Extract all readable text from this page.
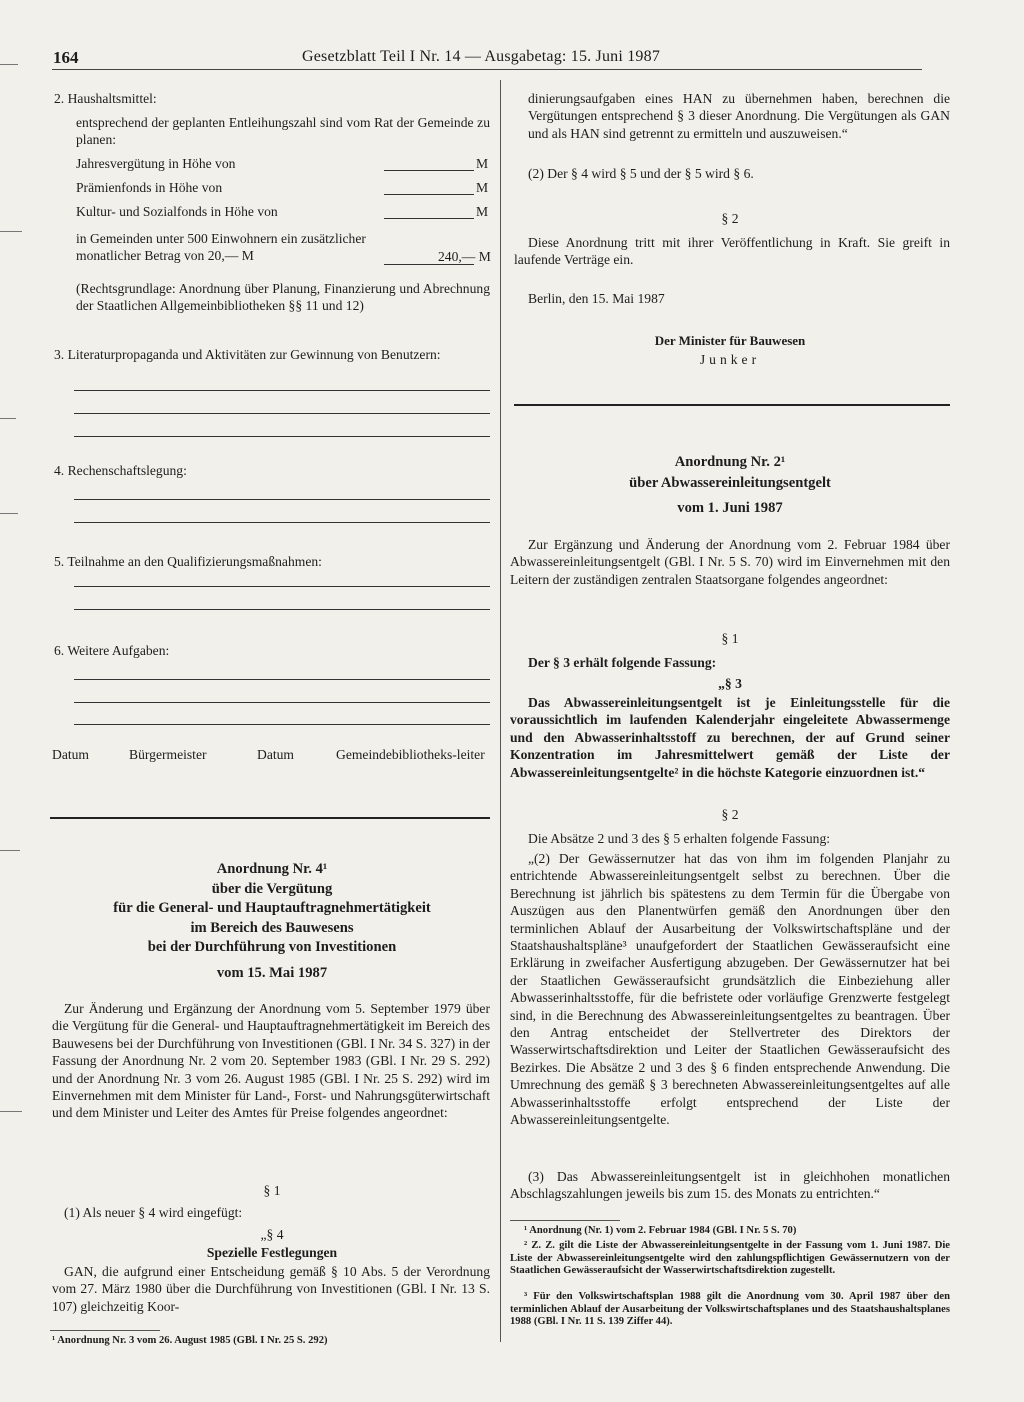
164	Gesetzblatt Teil I Nr. 14 — Ausgabetag: 15. Juni 1987
2. Haushaltsmittel:
entsprechend der geplanten Entleihungszahl sind vom Rat der Gemeinde zu planen:
Jahresvergütung in Höhe von	M
Prämienfonds in Höhe von	M
Kultur- und Sozialfonds in Höhe von	M
in Gemeinden unter 500 Einwohnern ein zusätzlicher monatlicher Betrag von 20,— M	240,— M
(Rechtsgrundlage: Anordnung über Planung, Finanzierung und Abrechnung der Staatlichen Allgemeinbibliotheken §§ 11 und 12)
3. Literaturpropaganda und Aktivitäten zur Gewinnung von Benutzern:
4. Rechenschaftslegung:
5. Teilnahme an den Qualifizierungsmaßnahmen:
6. Weitere Aufgaben:
Datum	Bürgermeister	Datum	Gemeindebibliotheks-leiter
Anordnung Nr. 4¹
über die Vergütung
für die General- und Hauptauftragnehmertätigkeit
im Bereich des Bauwesens
bei der Durchführung von Investitionen
vom 15. Mai 1987
Zur Änderung und Ergänzung der Anordnung vom 5. September 1979 über die Vergütung für die General- und Hauptauftragnehmertätigkeit im Bereich des Bauwesens bei der Durchführung von Investitionen (GBl. I Nr. 34 S. 327) in der Fassung der Anordnung Nr. 2 vom 20. September 1983 (GBl. I Nr. 29 S. 292) und der Anordnung Nr. 3 vom 26. August 1985 (GBl. I Nr. 25 S. 292) wird im Einvernehmen mit dem Minister für Land-, Forst- und Nahrungsgüterwirtschaft und dem Minister und Leiter des Amtes für Preise folgendes angeordnet:
§ 1
(1) Als neuer § 4 wird eingefügt:
„§ 4
Spezielle Festlegungen
GAN, die aufgrund einer Entscheidung gemäß § 10 Abs. 5 der Verordnung vom 27. März 1980 über die Durchführung von Investitionen (GBl. I Nr. 13 S. 107) gleichzeitig Koor-
¹ Anordnung Nr. 3 vom 26. August 1985 (GBl. I Nr. 25 S. 292)
dinierungsaufgaben eines HAN zu übernehmen haben, berechnen die Vergütungen entsprechend § 3 dieser Anordnung. Die Vergütungen als GAN und als HAN sind getrennt zu ermitteln und auszuweisen.“
(2) Der § 4 wird § 5 und der § 5 wird § 6.
§ 2
Diese Anordnung tritt mit ihrer Veröffentlichung in Kraft. Sie greift in laufende Verträge ein.
Berlin, den 15. Mai 1987
Der Minister für Bauwesen
Junker
Anordnung Nr. 2¹
über Abwassereinleitungsentgelt
vom 1. Juni 1987
Zur Ergänzung und Änderung der Anordnung vom 2. Februar 1984 über Abwassereinleitungsentgelt (GBl. I Nr. 5 S. 70) wird im Einvernehmen mit den Leitern der zuständigen zentralen Staatsorgane folgendes angeordnet:
§ 1
Der § 3 erhält folgende Fassung:
„§ 3
Das Abwassereinleitungsentgelt ist je Einleitungsstelle für die voraussichtlich im laufenden Kalenderjahr eingeleitete Abwassermenge und den Abwasserinhaltsstoff zu berechnen, der auf Grund seiner Konzentration im Jahresmittelwert gemäß der Liste der Abwassereinleitungsentgelte² in die höchste Kategorie einzuordnen ist.“
§ 2
Die Absätze 2 und 3 des § 5 erhalten folgende Fassung:
„(2) Der Gewässernutzer hat das von ihm im folgenden Planjahr zu entrichtende Abwassereinleitungsentgelt selbst zu berechnen. Über die Berechnung ist jährlich bis spätestens zu dem Termin für die Übergabe von Auszügen aus den Planentwürfen gemäß den Anordnungen über den terminlichen Ablauf der Ausarbeitung der Volkswirtschaftspläne und der Staatshaushaltspläne³ unaufgefordert der Staatlichen Gewässeraufsicht eine Erklärung in zweifacher Ausfertigung abzugeben. Der Gewässernutzer hat bei der Staatlichen Gewässeraufsicht grundsätzlich die Einbeziehung aller Abwasserinhaltsstoffe, für die befristete oder vorläufige Grenzwerte festgelegt sind, in die Berechnung des Abwassereinleitungsentgeltes zu beantragen. Über den Antrag entscheidet der Stellvertreter des Direktors der Wasserwirtschaftsdirektion und Leiter der Staatlichen Gewässeraufsicht des Bezirkes. Die Absätze 2 und 3 des § 6 finden entsprechende Anwendung. Die Umrechnung des gemäß § 3 berechneten Abwassereinleitungsentgeltes auf alle Abwasserinhaltsstoffe erfolgt entsprechend der Liste der Abwassereinleitungsentgelte.
(3) Das Abwassereinleitungsentgelt ist in gleichhohen monatlichen Abschlagszahlungen jeweils bis zum 15. des Monats zu entrichten.“
¹ Anordnung (Nr. 1) vom 2. Februar 1984 (GBl. I Nr. 5 S. 70)
² Z. Z. gilt die Liste der Abwassereinleitungsentgelte in der Fassung vom 1. Juni 1987. Die Liste der Abwassereinleitungsentgelte wird den zahlungspflichtigen Gewässernutzern von der Staatlichen Gewässeraufsicht der Wasserwirtschaftsdirektion zugestellt.
³ Für den Volkswirtschaftsplan 1988 gilt die Anordnung vom 30. April 1987 über den terminlichen Ablauf der Ausarbeitung der Volkswirtschaftsplanes und des Staatshaushaltsplanes 1988 (GBl. I Nr. 11 S. 139 Ziffer 44).
